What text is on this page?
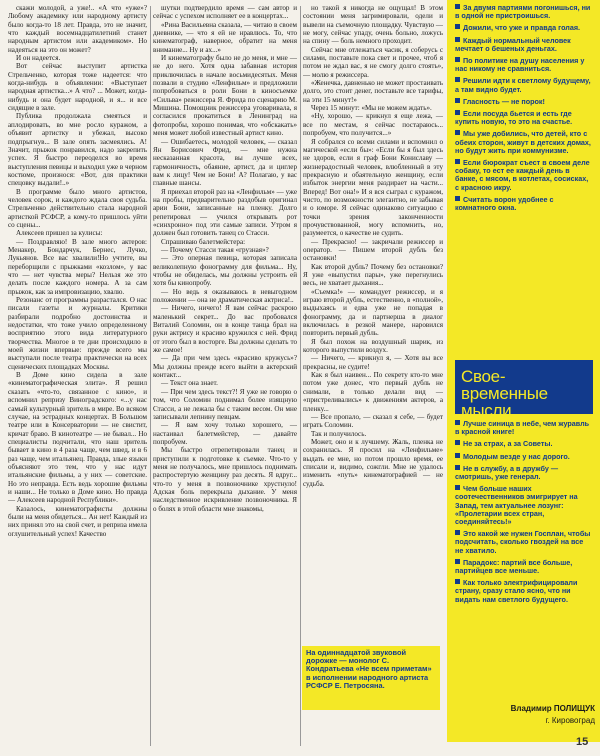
скажи молодой, а уже!.. «А что «уже»? Любому академику или народному артисту было когда-то 18 лет. Правда, это не значит, что каждый восемнадцатилетний станет народным артистом или академиком». Но надеяться на это он может?

И он надеется.

Вот сейчас выступит артистка Стрельченко, которая тоже надеется: что когда-нибудь в объявлении: «Выступает народная артистка...» А что? ... Может, когда-нибудь и она будет народной, и я... и все сидящие в зале.

Публика продолжала смеяться и аплодировать, во мне росло куражом, а объявит артистку и убежал, высоко подпрыгнув... В зале опять засмеялись. А! Значит, прыжок понравился, надо закрепить успех. Я быстро переоделся во время выступления певицы и выходил уже в черном костюме, произнося: «Вот, для практики спецовку выдали!..»

В программе было много артистов, человек сорок, и каждого ждала своя судьба. Стрельченко действительно стала народной артисткой РСФСР, а кому-то пришлось уйти со сцены...

Алексеев пришел за кулисы:

— Поздравляю! В зале много актеров: Менакер, Бондарчук, Бернес, Лучко, Лукьянов. Все вас хвалили!Но учтите, вы переборщили с прыжками «козлом», у вас что — нет чувства меры? Нельзя же это делать после каждого номера. А за сам прыжок, как за импровизацию, хвалю.

Резонанс от программы разрастался. О нас писали газеты и журналы. Критики разбирали подробно достоинства и недостатки, что тоже учило определенному восприятию этого вида литературного творчества. Многое в те дни происходило в моей жизни впервые: прежде всего мы выступали после театра практически на всех сценических площадках Москвы.

В Доме кино сидела в зале «кинематографическая элита». Я решил сказать «что-то, связанное с кино», и вспомнил репризу Виноградского: «...у нас самый культурный зритель в мире. Во всяком случае, на эстрадных концертах. В Большом театре или в Консерватории — не свистит, кричат браво. В кинотеатре — не бывал... Но специалисты подчитали, что наш зритель бывает в кино в 4 раза чаще, чем швед, и в 6 раз чаще, чем итальянец. Правда, злые языки объясняют это тем, что у нас идут итальянские фильмы, а у них — советские. Но это неправда. Есть ведь хорошие фильмы и наши... Не только в Доме кино. Но правда — Алексеев народной Республики».

Казалось, кинематографисты должны были на меня обидеться... Ан нет! Каждый из них принял это на свой счет, и реприза имела оглушительный успех! Качество

шутки подтвердило время — сам автор и сейчас с успехом исполняет ее в концертах...

«Рина Васильевна сказала, — читаю в своем дневнике, — что я ей не нравлюсь. То, что кинематограф, наверное, обратит на меня внимание... Ну и ах...»

И кинематографу было не до меня, и мне — не до него. Хотя одна забавная история приключилась в начале восьмидесятых. Меня позвали в студию «Ленфильм» и предложили попробоваться в роли Бони в киносъемке «Сильва» режиссера Я. Фрида по сценарию М. Мишина. Помощник режиссера уговаривала, я согласился прокатиться в Ленинград на фотопробы, хорошо понимая, что «обскакать» меня может любой известный артист кино.

— Ошибаетесь, молодой человек, — сказал Ян Борисович Фрид, — мне нужна несказанная красота, вы лучше всех, гармоничность, обаяние, артист, да и циглер вам к лицу! Чем не Бони! А? Полагаю, у вас главные шансы.

Я приехал второй раз на «Ленфильм» — уже на пробы, предварительно раздобыв оригинал арии Бони, записанные на пленку. Долго репетировал — учился открывать рот «синхронно» под эти самые записи. Утром я должен был готовить танец со Стасси.

Спрашиваю балетмейстера:

— Почему Стасси такая «грузная»?

— Это оперная певица, которая записала великолепную фонограмму для фильма... Ну, чтобы не обиделась, мы должны устроить ей хотя бы кинопробу.

— Но ведь я оказываюсь в невыгодном положении — она не драматическая актриса!..

— Ничего, ничего! Я вам сейчас раскрою маленький секрет... До вас пробовался Виталий Соломин, он в конце танца брал на руки актрису и красиво кружился с ней. Фрид от этого был в восторге. Вы должны сделать то же самое!

— Да при чем здесь «красиво кружусь»? Мы должны прежде всего выйти в актерский контакт...

— Текст она знает.

— При чем здесь текст?! Я уже не говорю о том, что Соломин поднимал более изящную Стасси, а не лежала бы с таким весом. Он мне записывали лепнину певцам.

— Я вам хочу только хорошего, — настаивал балетмейстер, — давайте попробуем.

Мы быстро отрепетировали танец и приступили к подготовке к съемке. Что-то у меня не получалось, мне пришлось поднимать распростертую женщину раз десять. Я вдруг... что-то у меня в позвоночнике хрустнуло! Адская боль перекрыла дыхание. У меня наследственное искривление позвоночника. Я о болях в этой области мне знакомы,

но такой я никогда не ощущал! В этом состоянии меня загримировали, одели и вывели на съемочную площадку. Чувствую — не могу, сейчас упаду, очень больно, ложусь на спину — боль немного проходит.

Сейчас мне отлежаться часик, я соберусь с силами, поставьте пока свет и прочее, чтоб я потом не ждал вас, я не смогу долго стоять», — молю я режиссера.

«Женечка, давненько не может простаивать долго, это стоит денег, поставьте все тарифы, на эти 15 минут!»

Через 15 минут: «Мы не можем ждать».

«Ну, хорошо, — крикнул я еще лежа, — все по местам, я сейчас постараюсь... попробуем, что получится...»

Я собрался со всеми силами и вспомнил о магической «если бы»: «Если бы я был здесь не здоров, если я граф Бони Кониславу — жизнерадостный человек, влюбленный в эту прекрасную и обаятельную женщину, если избыток энергии меня раздирает на части... Вперед! Вот она!» И я вся сыграл с куражом, чисто, по возможности элегантно, не забывая и о юморе. Я сейчас одинаково ситуацию с точки зрения законченности прочувствованной, могу вспомнить, но, разумеется, о качестве не судить.

— Прекрасно! — закричали режиссер и оператор. — Пишем второй дубль без остановки!

Как второй дубль? Почему без остановки? Я уже «выпустил пары», уже перегнулись весь, не хватает дыхания...

«Съемка!» — командует режиссер, и я играю второй дубль, естественно, в «полной», выдыхаясь и едва уже не попадая в фонограмму, да и партнерша в диалог включилась в резкой манере, наровился повторить первый дубль.

Я был похож на воздушный шарик, из которого выпустили воздух.

— Ничего, — крикнул я, — Хотя вы все прекрасны, не судите!

Как я был наивен... По секрету кто-то мне потом уже донес, что первый дубль не снимали, в только делали вид — «пристреливались» к движениям актеров, а пленку...

— Все пропало, — сказал я себе, — будет играть Соломин.

Так и получилось.

Может, оно и к лучшему. Жаль, пленка не сохранилась. Я просил на «Ленфильме» выдать ее мне, но потом прошло время, ее списали и, видимо, сожгли. Мне не удалось изменить «путь» кинематографией — не судьба.

На одиннадцатой звуковой дорожке — монолог С. Кондратьева «Не всем приметам» в исполнении народного артиста РСФСР Е. Петросяна.
За двумя партиями погонишься, ни в одной не пристроишься.
Дожили, что уже и правда голая.
Каждый нормальный человек мечтает о бешеных деньгах.
По политике на душу населения у нас никому не сравниться.
Решили идти к светлому будущему, а там видно будет.
Гласность — не порок!
Если посуда бьется и есть где купить новую, то это на счастье.
Мы уже добились, что детей, кто с обеих сторон, живут в детских домах, но будут жить при коммунизме.
Если бюрократ съест в своем деле собаку, то ест ее каждый день в банке, с мясом, в котлетах, сосисках, с красною икру.
Считать ворон удобнее с комнатного окна.
Свое-
временные
мысли
Лучше синица в небе, чем журавль в красной книге!
Не за страх, а за Советы.
Молодым везде у нас дорого.
Не в службу, а в дружбу — смотришь, уже генерал.
Чем больше наших соотечественников эмигрирует на Запад, тем актуальнее лозунг: «Пролетарии всех стран, соединяйтесь!»
Это какой же нужен Госплан, чтобы подсчитать, сколько гвоздей на все не хватило.
Парадокс: партий все больше, партийцев все меньше.
Как только электрифицировали страну, сразу стало ясно, что ни видать нам светлого будущего.
Владимир ПОЛИЩУК
г. Кировоград
15
